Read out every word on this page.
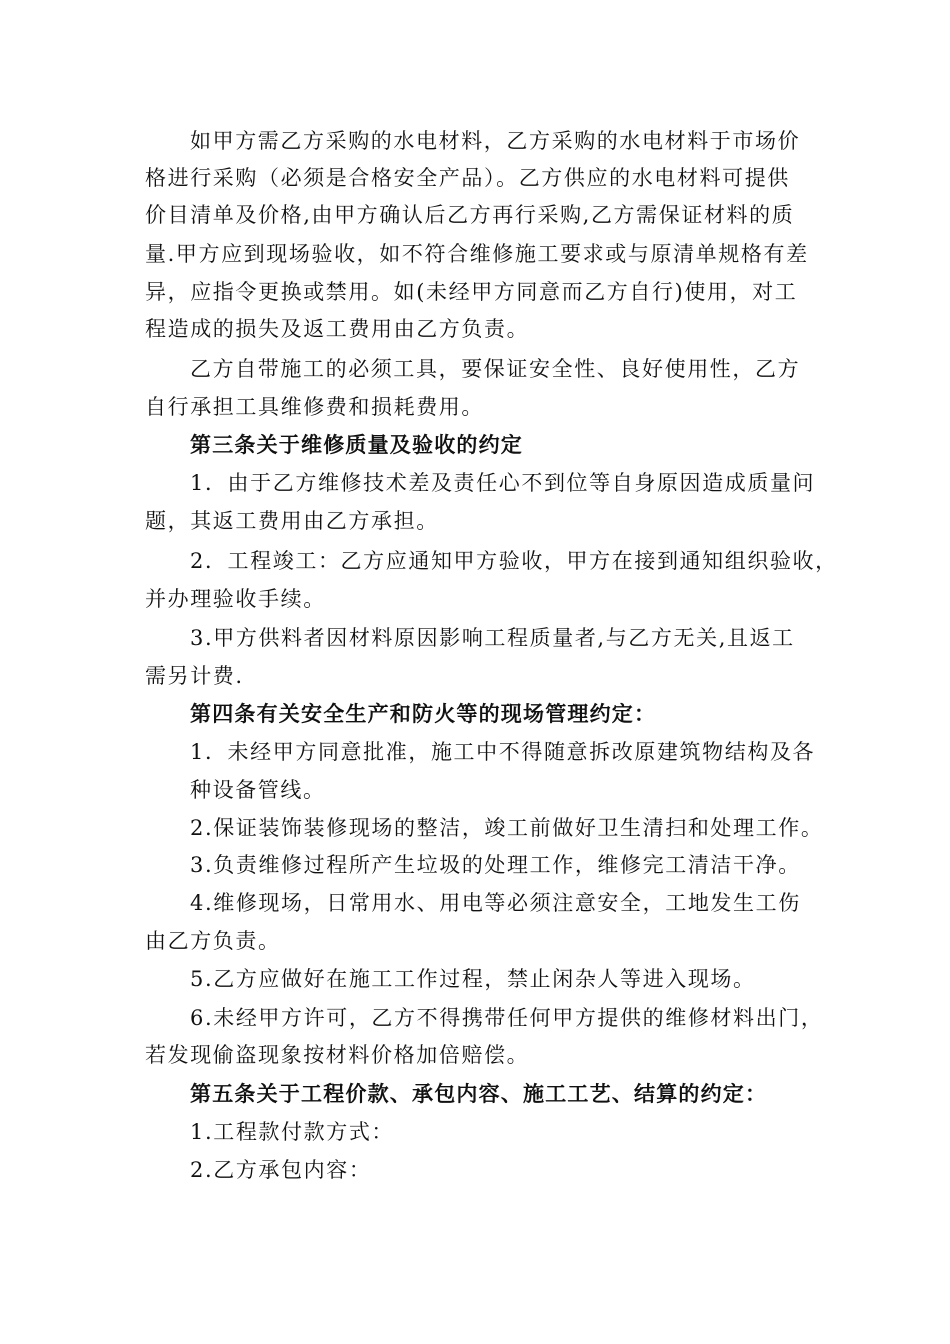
如甲方需乙方采购的水电材料，乙方采购的水电材料于市场价
格进行采购（必须是合格安全产品）。乙方供应的水电材料可提供
价目清单及价格,由甲方确认后乙方再行采购,乙方需保证材料的质
量.甲方应到现场验收，如不符合维修施工要求或与原清单规格有差
异，应指令更换或禁用。如(未经甲方同意而乙方自行)使用，对工
程造成的损失及返工费用由乙方负责。
乙方自带施工的必须工具，要保证安全性、良好使用性，乙方
自行承担工具维修费和损耗费用。
第三条关于维修质量及验收的约定
1．由于乙方维修技术差及责任心不到位等自身原因造成质量问
题，其返工费用由乙方承担。
2．工程竣工：乙方应通知甲方验收，甲方在接到通知组织验收，
并办理验收手续。
3.甲方供料者因材料原因影响工程质量者,与乙方无关,且返工
需另计费.
第四条有关安全生产和防火等的现场管理约定：
1．未经甲方同意批准，施工中不得随意拆改原建筑物结构及各
种设备管线。
2.保证装饰装修现场的整洁，竣工前做好卫生清扫和处理工作。
3.负责维修过程所产生垃圾的处理工作，维修完工清洁干净。
4.维修现场，日常用水、用电等必须注意安全，工地发生工伤
由乙方负责。
5.乙方应做好在施工工作过程，禁止闲杂人等进入现场。
6.未经甲方许可，乙方不得携带任何甲方提供的维修材料出门，
若发现偷盗现象按材料价格加倍赔偿。
第五条关于工程价款、承包内容、施工工艺、结算的约定：
1.工程款付款方式：
2.乙方承包内容：
